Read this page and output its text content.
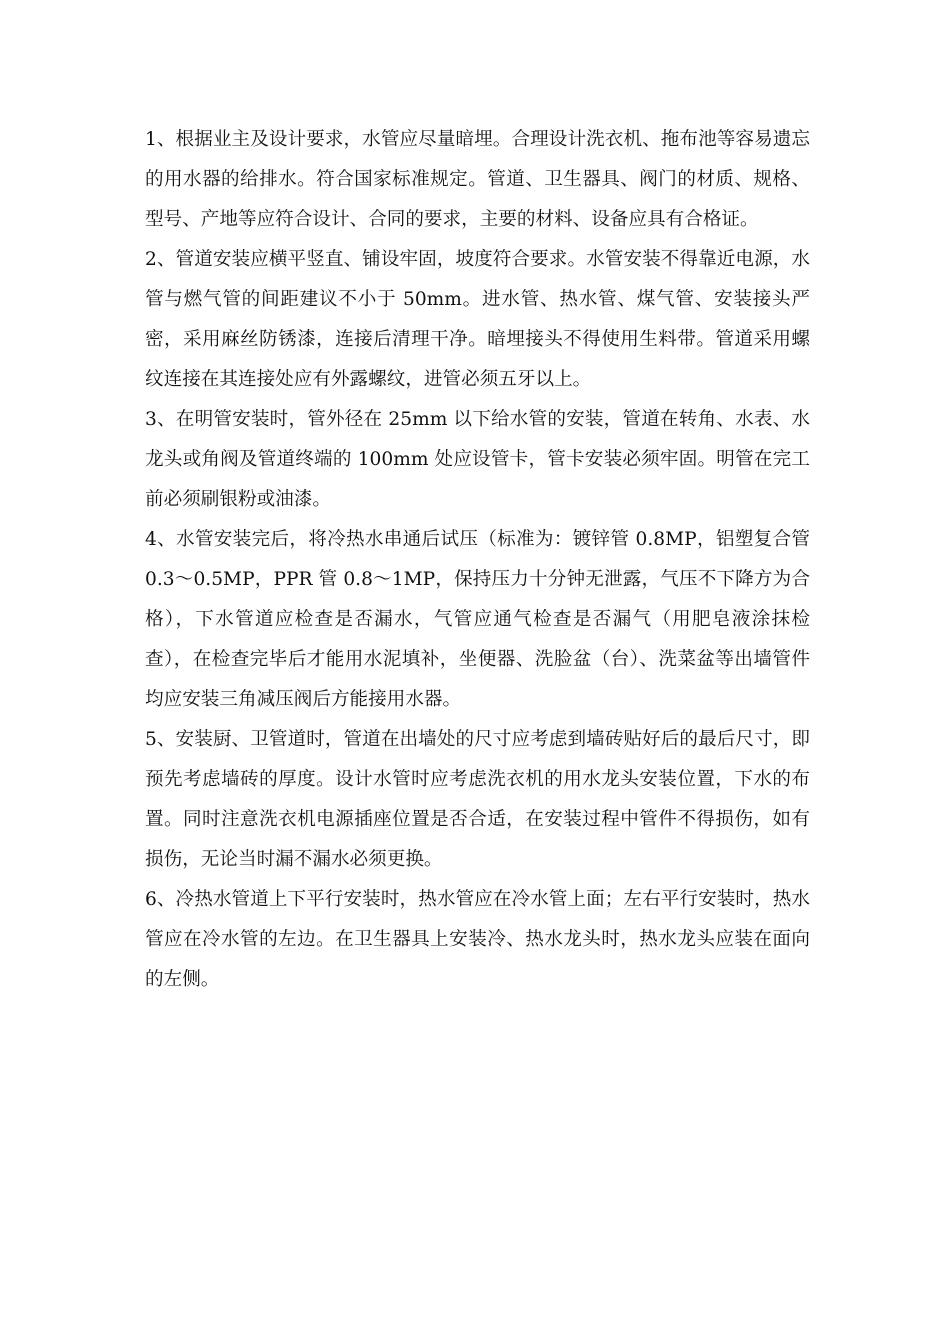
1、根据业主及设计要求，水管应尽量暗埋。合理设计洗衣机、拖布池等容易遗忘的用水器的给排水。符合国家标准规定。管道、卫生器具、阀门的材质、规格、型号、产地等应符合设计、合同的要求，主要的材料、设备应具有合格证。

2、管道安装应横平竖直、铺设牢固，坡度符合要求。水管安装不得靠近电源，水管与燃气管的间距建议不小于 50mm。进水管、热水管、煤气管、安装接头严密，采用麻丝防锈漆，连接后清理干净。暗埋接头不得使用生料带。管道采用螺纹连接在其连接处应有外露螺纹，进管必须五牙以上。

3、在明管安装时，管外径在 25mm 以下给水管的安装，管道在转角、水表、水龙头或角阀及管道终端的 100mm 处应设管卡，管卡安装必须牢固。明管在完工前必须刷银粉或油漆。

4、水管安装完后，将冷热水串通后试压（标准为：镀锌管 0.8MP，铝塑复合管 0.3～0.5MP，PPR 管 0.8～1MP，保持压力十分钟无泄露，气压不下降方为合格），下水管道应检查是否漏水，气管应通气检查是否漏气（用肥皂液涂抹检查），在检查完毕后才能用水泥填补，坐便器、洗脸盆（台）、洗菜盆等出墙管件均应安装三角减压阀后方能接用水器。

5、安装厨、卫管道时，管道在出墙处的尺寸应考虑到墙砖贴好后的最后尺寸，即预先考虑墙砖的厚度。设计水管时应考虑洗衣机的用水龙头安装位置，下水的布置。同时注意洗衣机电源插座位置是否合适，在安装过程中管件不得损伤，如有损伤，无论当时漏不漏水必须更换。

6、冷热水管道上下平行安装时，热水管应在冷水管上面；左右平行安装时，热水管应在冷水管的左边。在卫生器具上安装冷、热水龙头时，热水龙头应装在面向的左侧。
